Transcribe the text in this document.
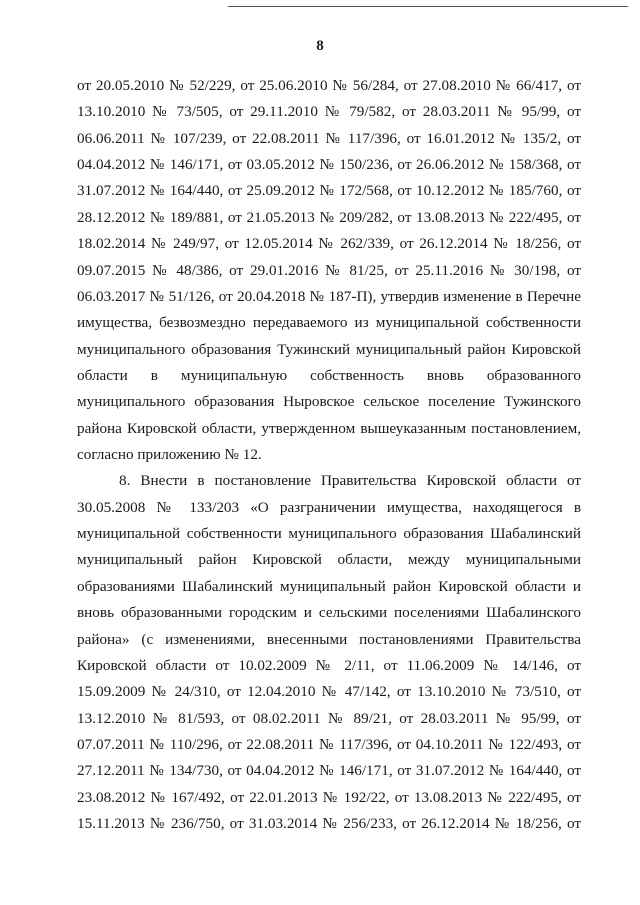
8
от 20.05.2010 № 52/229, от 25.06.2010 № 56/284, от 27.08.2010 № 66/417, от
13.10.2010 № 73/505, от 29.11.2010 № 79/582, от 28.03.2011 № 95/99, от
06.06.2011 № 107/239, от 22.08.2011 № 117/396, от 16.01.2012 № 135/2, от
04.04.2012 № 146/171, от 03.05.2012 № 150/236, от 26.06.2012 № 158/368, от
31.07.2012 № 164/440, от 25.09.2012 № 172/568, от 10.12.2012 № 185/760, от
28.12.2012 № 189/881, от 21.05.2013 № 209/282, от 13.08.2013 № 222/495, от
18.02.2014 № 249/97, от 12.05.2014 № 262/339, от 26.12.2014 № 18/256, от
09.07.2015 № 48/386, от 29.01.2016 № 81/25, от 25.11.2016 № 30/198, от
06.03.2017 № 51/126, от 20.04.2018 № 187-П), утвердив изменение в Перечне
имущества, безвозмездно передаваемого из муниципальной собственности
муниципального образования Тужинский муниципальный район Кировской
области в муниципальную собственность вновь образованного
муниципального образования Ныровское сельское поселение Тужинского
района Кировской области, утвержденном вышеуказанным постановлением,
согласно приложению № 12.
8. Внести в постановление Правительства Кировской области от
30.05.2008 № 133/203 «О разграничении имущества, находящегося в
муниципальной собственности муниципального образования Шабалинский
муниципальный район Кировской области, между муниципальными
образованиями Шабалинский муниципальный район Кировской области и
вновь образованными городским и сельскими поселениями Шабалинского
района» (с изменениями, внесенными постановлениями Правительства
Кировской области от 10.02.2009 № 2/11, от 11.06.2009 № 14/146, от
15.09.2009 № 24/310, от 12.04.2010 № 47/142, от 13.10.2010 № 73/510, от
13.12.2010 № 81/593, от 08.02.2011 № 89/21, от 28.03.2011 № 95/99, от
07.07.2011 № 110/296, от 22.08.2011 № 117/396, от 04.10.2011 № 122/493, от
27.12.2011 № 134/730, от 04.04.2012 № 146/171, от 31.07.2012 № 164/440, от
23.08.2012 № 167/492, от 22.01.2013 № 192/22, от 13.08.2013 № 222/495, от
15.11.2013 № 236/750, от 31.03.2014 № 256/233, от 26.12.2014 № 18/256, от
